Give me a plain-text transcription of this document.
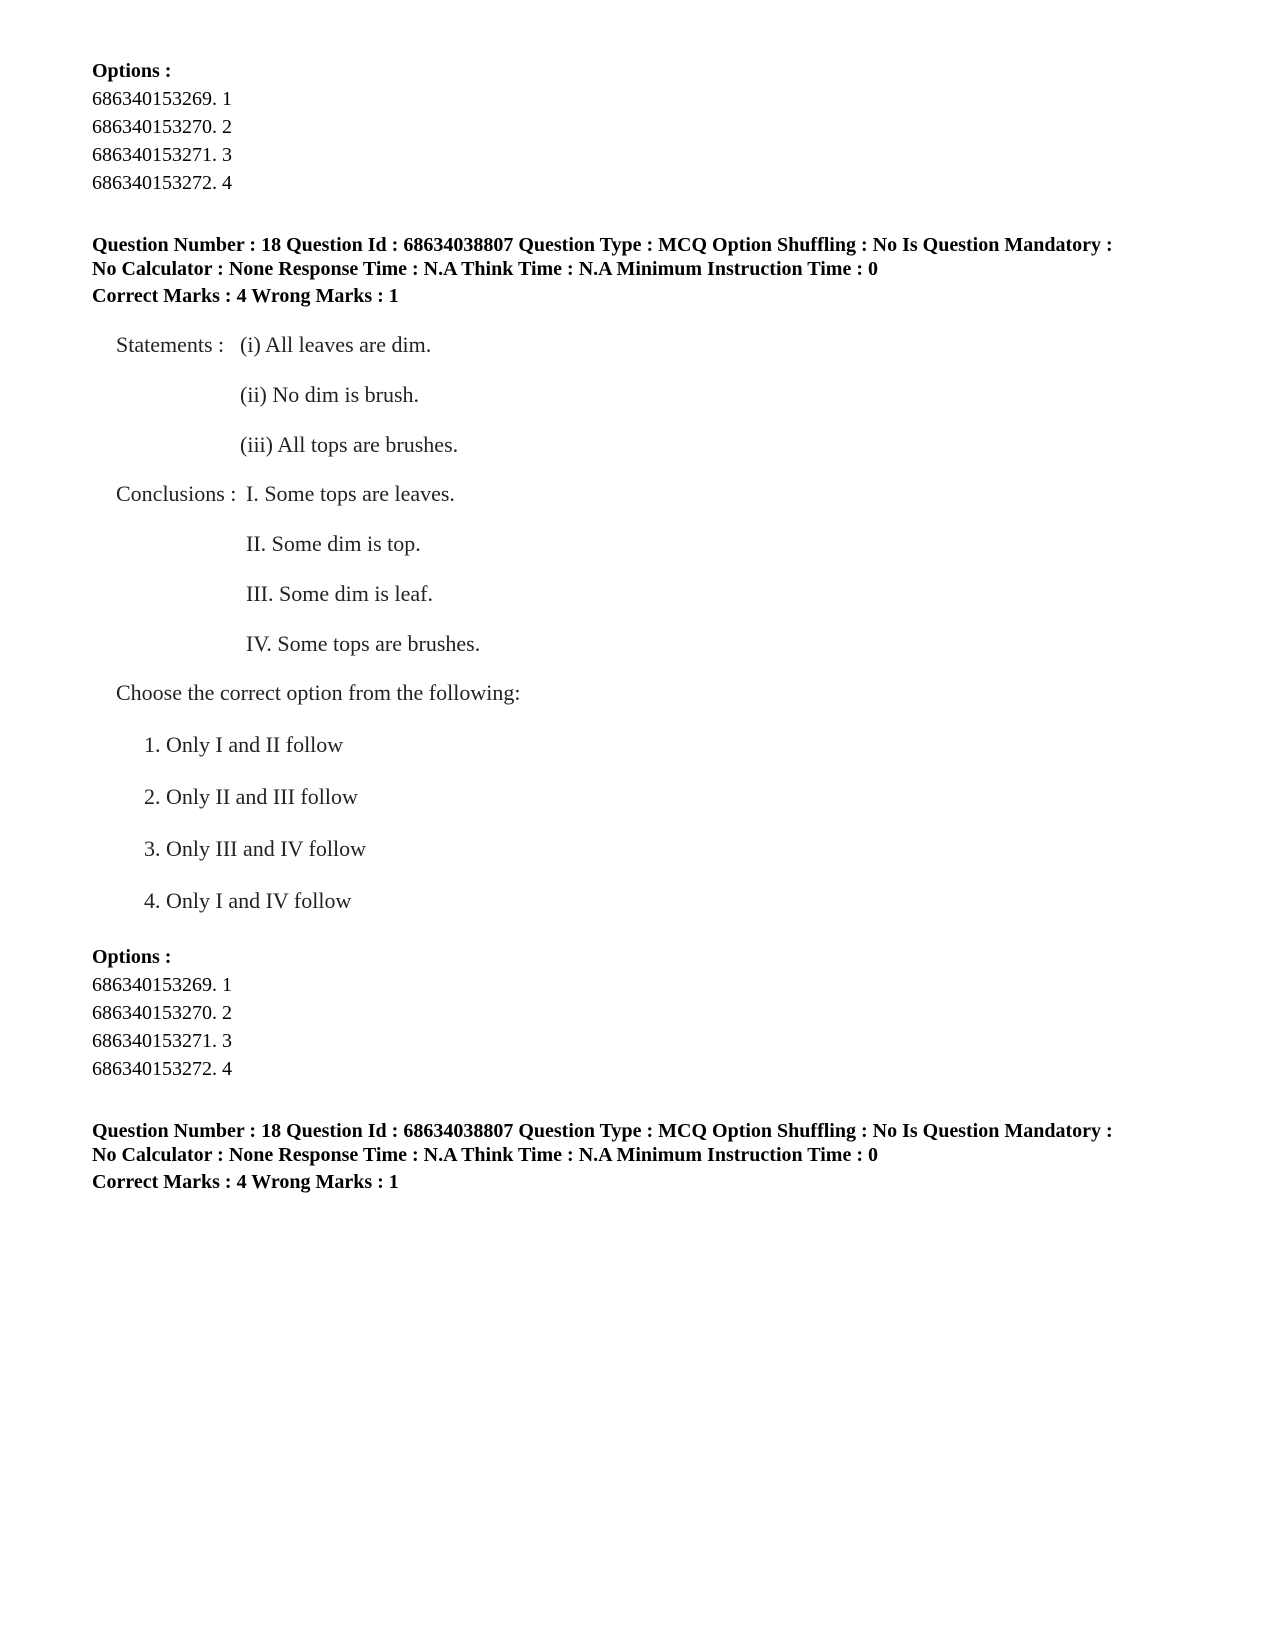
Options :
686340153269. 1
686340153270. 2
686340153271. 3
686340153272. 4
Question Number : 18 Question Id : 68634038807 Question Type : MCQ Option Shuffling : No Is Question Mandatory :
No Calculator : None Response Time : N.A Think Time : N.A Minimum Instruction Time : 0
Correct Marks : 4 Wrong Marks : 1
Statements : (i) All leaves are dim.
(ii) No dim is brush.
(iii) All tops are brushes.
Conclusions : I. Some tops are leaves.
II. Some dim is top.
III. Some dim is leaf.
IV. Some tops are brushes.
Choose the correct option from the following:
1. Only I and II follow
2. Only II and III follow
3. Only III and IV follow
4. Only I and IV follow
Options :
686340153269. 1
686340153270. 2
686340153271. 3
686340153272. 4
Question Number : 18 Question Id : 68634038807 Question Type : MCQ Option Shuffling : No Is Question Mandatory :
No Calculator : None Response Time : N.A Think Time : N.A Minimum Instruction Time : 0
Correct Marks : 4 Wrong Marks : 1
